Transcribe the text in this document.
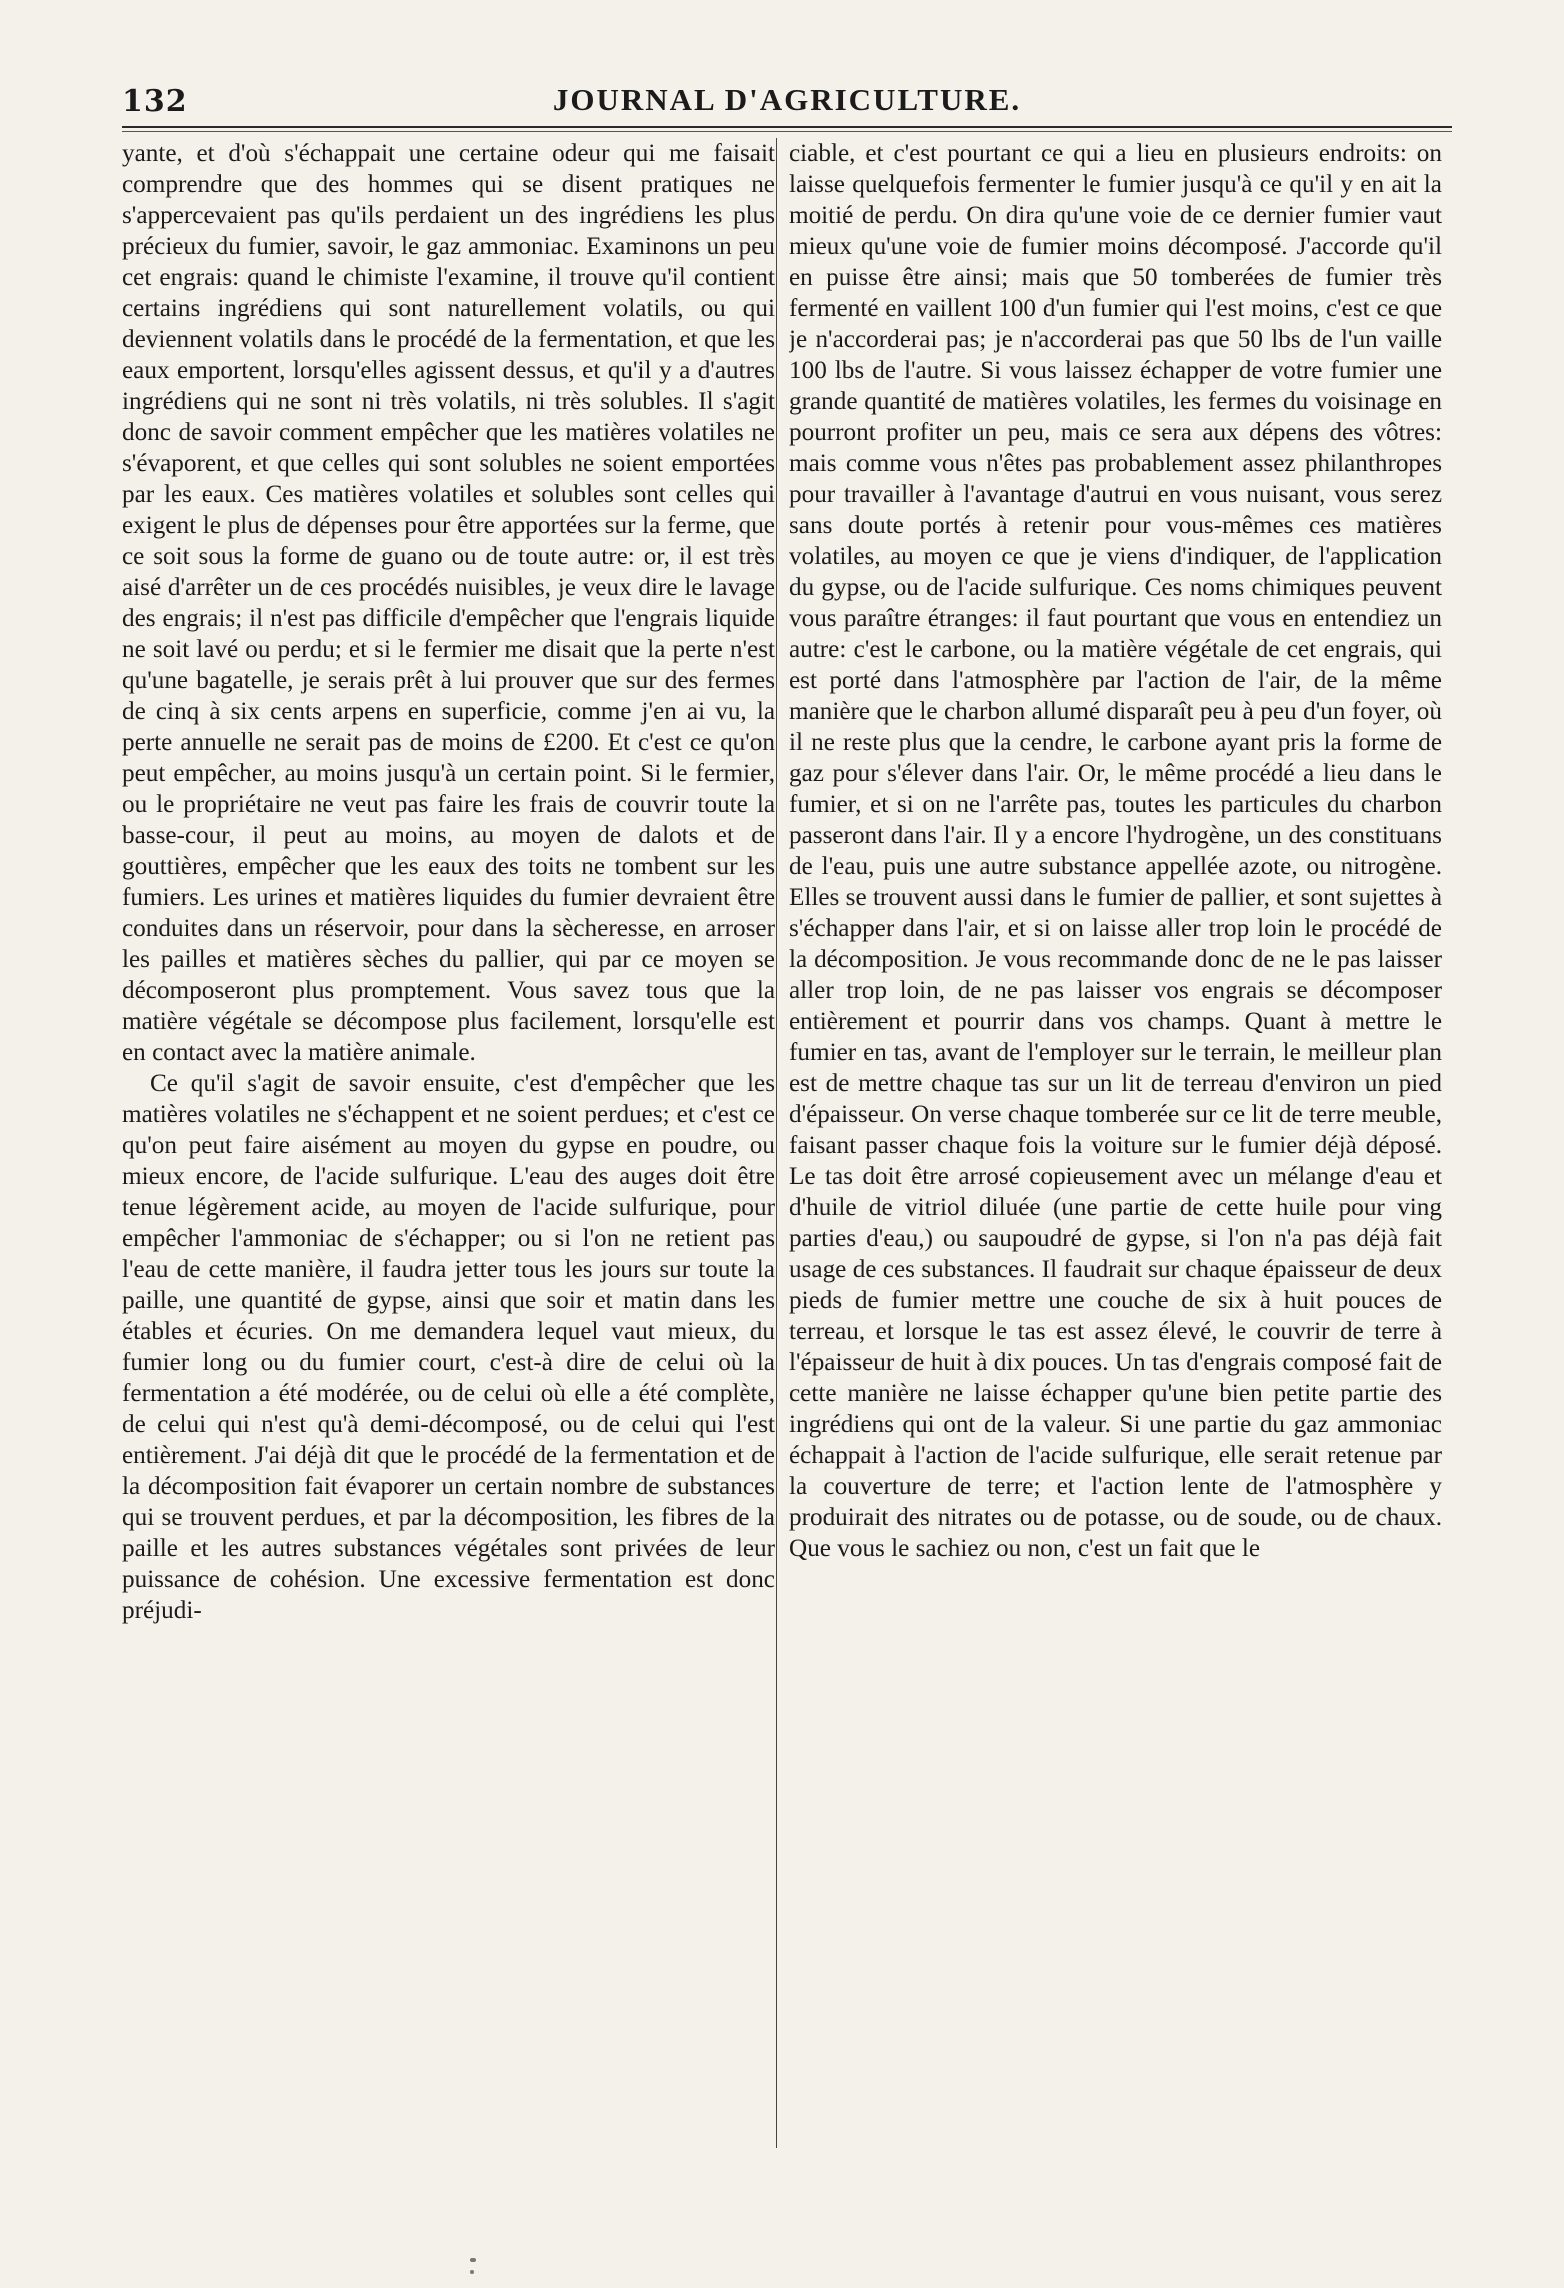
132	JOURNAL D'AGRICULTURE.

yante, et d'où s'échappait une certaine odeur qui me faisait comprendre que des hommes qui se disent pratiques ne s'appercevaient pas qu'ils perdaient un des ingrédiens les plus précieux du fumier, savoir, le gaz ammoniac. Examinons un peu cet engrais: quand le chimiste l'examine, il trouve qu'il contient certains ingrédiens qui sont naturellement volatils, ou qui deviennent volatils dans le procédé de la fermentation, et que les eaux emportent, lorsqu'elles agissent dessus, et qu'il y a d'autres ingrédiens qui ne sont ni très volatils, ni très solubles. Il s'agit donc de savoir comment empêcher que les matières volatiles ne s'évaporent, et que celles qui sont solubles ne soient emportées par les eaux. Ces matières volatiles et solubles sont celles qui exigent le plus de dépenses pour être apportées sur la ferme, que ce soit sous la forme de guano ou de toute autre: or, il est très aisé d'arrêter un de ces procédés nuisibles, je veux dire le lavage des engrais; il n'est pas difficile d'empêcher que l'engrais liquide ne soit lavé ou perdu; et si le fermier me disait que la perte n'est qu'une bagatelle, je serais prêt à lui prouver que sur des fermes de cinq à six cents arpens en superficie, comme j'en ai vu, la perte annuelle ne serait pas de moins de £200. Et c'est ce qu'on peut empêcher, au moins jusqu'à un certain point. Si le fermier, ou le propriétaire ne veut pas faire les frais de couvrir toute la basse-cour, il peut au moins, au moyen de dalots et de gouttières, empêcher que les eaux des toits ne tombent sur les fumiers. Les urines et matières liquides du fumier devraient être conduites dans un réservoir, pour dans la sècheresse, en arroser les pailles et matières sèches du pallier, qui par ce moyen se décomposeront plus promptement. Vous savez tous que la matière végétale se décompose plus facilement, lorsqu'elle est en contact avec la matière animale.

Ce qu'il s'agit de savoir ensuite, c'est d'empêcher que les matières volatiles ne s'échappent et ne soient perdues; et c'est ce qu'on peut faire aisément au moyen du gypse en poudre, ou mieux encore, de l'acide sulfurique. L'eau des auges doit être tenue légèrement acide, au moyen de l'acide sulfurique, pour empêcher l'ammoniac de s'échapper; ou si l'on ne retient pas l'eau de cette manière, il faudra jetter tous les jours sur toute la paille, une quantité de gypse, ainsi que soir et matin dans les étables et écuries. On me demandera lequel vaut mieux, du fumier long ou du fumier court, c'est-à dire de celui où la fermentation a été modérée, ou de celui où elle a été complète, de celui qui n'est qu'à demi-décomposé, ou de celui qui l'est entièrement. J'ai déjà dit que le procédé de la fermentation et de la décomposition fait évaporer un certain nombre de substances qui se trouvent perdues, et par la décomposition, les fibres de la paille et les autres substances végétales sont privées de leur puissance de cohésion. Une excessive fermentation est donc préjudi-

ciable, et c'est pourtant ce qui a lieu en plusieurs endroits: on laisse quelquefois fermenter le fumier jusqu'à ce qu'il y en ait la moitié de perdu. On dira qu'une voie de ce dernier fumier vaut mieux qu'une voie de fumier moins décomposé. J'accorde qu'il en puisse être ainsi; mais que 50 tomberées de fumier très fermenté en vaillent 100 d'un fumier qui l'est moins, c'est ce que je n'accorderai pas; je n'accorderai pas que 50 lbs de l'un vaille 100 lbs de l'autre. Si vous laissez échapper de votre fumier une grande quantité de matières volatiles, les fermes du voisinage en pourront profiter un peu, mais ce sera aux dépens des vôtres: mais comme vous n'êtes pas probablement assez philanthropes pour travailler à l'avantage d'autrui en vous nuisant, vous serez sans doute portés à retenir pour vous-mêmes ces matières volatiles, au moyen ce que je viens d'indiquer, de l'application du gypse, ou de l'acide sulfurique. Ces noms chimiques peuvent vous paraître étranges: il faut pourtant que vous en entendiez un autre: c'est le carbone, ou la matière végétale de cet engrais, qui est porté dans l'atmosphère par l'action de l'air, de la même manière que le charbon allumé disparaît peu à peu d'un foyer, où il ne reste plus que la cendre, le carbone ayant pris la forme de gaz pour s'élever dans l'air. Or, le même procédé a lieu dans le fumier, et si on ne l'arrête pas, toutes les particules du charbon passeront dans l'air. Il y a encore l'hydrogène, un des constituans de l'eau, puis une autre substance appellée azote, ou nitrogène. Elles se trouvent aussi dans le fumier de pallier, et sont sujettes à s'échapper dans l'air, et si on laisse aller trop loin le procédé de la décomposition. Je vous recommande donc de ne le pas laisser aller trop loin, de ne pas laisser vos engrais se décomposer entièrement et pourrir dans vos champs. Quant à mettre le fumier en tas, avant de l'employer sur le terrain, le meilleur plan est de mettre chaque tas sur un lit de terreau d'environ un pied d'épaisseur. On verse chaque tomberée sur ce lit de terre meuble, faisant passer chaque fois la voiture sur le fumier déjà déposé. Le tas doit être arrosé copieusement avec un mélange d'eau et d'huile de vitriol diluée (une partie de cette huile pour ving parties d'eau,) ou saupoudré de gypse, si l'on n'a pas déjà fait usage de ces substances. Il faudrait sur chaque épaisseur de deux pieds de fumier mettre une couche de six à huit pouces de terreau, et lorsque le tas est assez élevé, le couvrir de terre à l'épaisseur de huit à dix pouces. Un tas d'engrais composé fait de cette manière ne laisse échapper qu'une bien petite partie des ingrédiens qui ont de la valeur. Si une partie du gaz ammoniac échappait à l'action de l'acide sulfurique, elle serait retenue par la couverture de terre; et l'action lente de l'atmosphère y produirait des nitrates ou de potasse, ou de soude, ou de chaux. Que vous le sachiez ou non, c'est un fait que le
